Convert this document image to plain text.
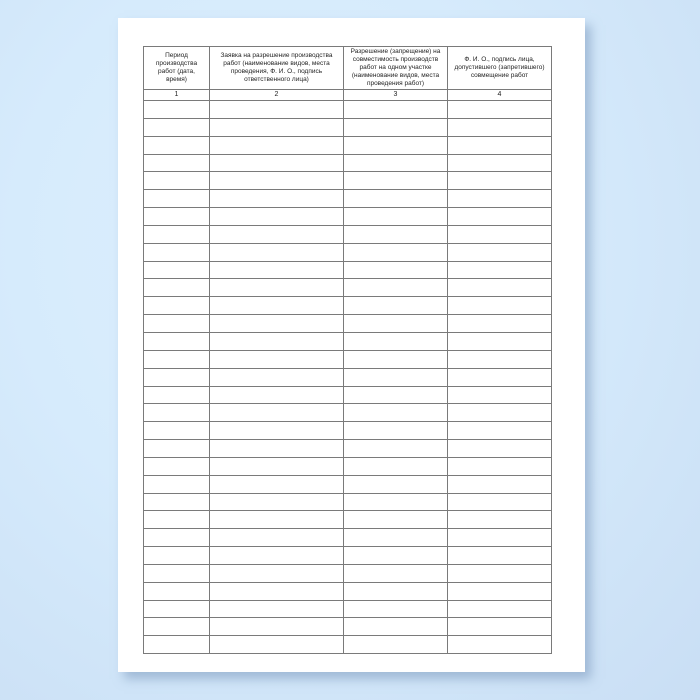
Период производства работ (дата, время)	Заявка на разрешение производства работ (наименование видов, места проведения, Ф. И. О., подпись ответственного лица)	Разрешение (запрещение) на совместимость производств работ на одном участке (наименование видов, места проведения работ)	Ф. И. О., подпись лица, допустившего (запретившего) совмещение работ
1	2	3	4
